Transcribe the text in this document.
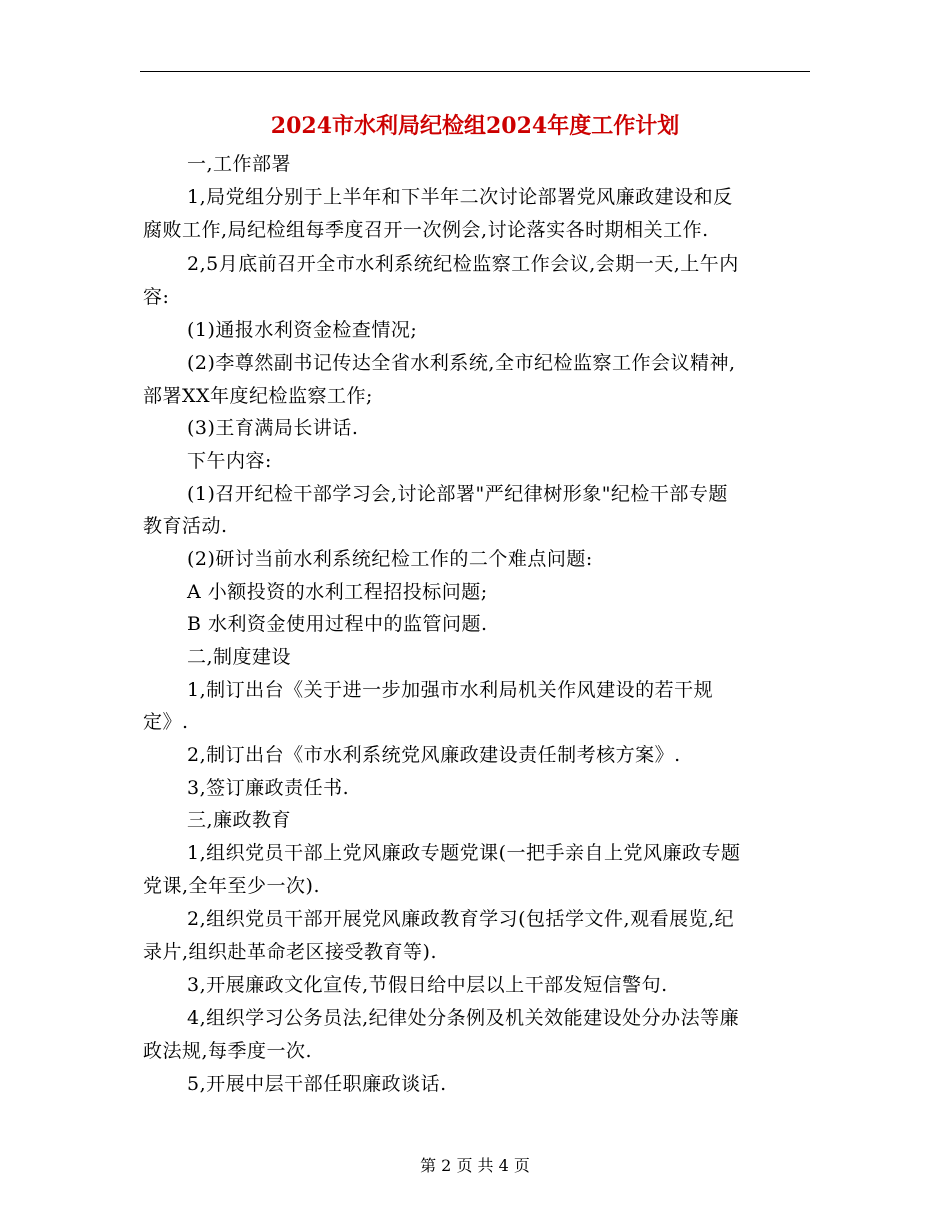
2024市水利局纪检组2024年度工作计划
一,工作部署
1,局党组分别于上半年和下半年二次讨论部署党风廉政建设和反
腐败工作,局纪检组每季度召开一次例会,讨论落实各时期相关工作.
2,5月底前召开全市水利系统纪检监察工作会议,会期一天,上午内
容:
(1)通报水利资金检查情况;
(2)李尊然副书记传达全省水利系统,全市纪检监察工作会议精神,
部署XX年度纪检监察工作;
(3)王育满局长讲话.
下午内容:
(1)召开纪检干部学习会,讨论部署"严纪律树形象"纪检干部专题
教育活动.
(2)研讨当前水利系统纪检工作的二个难点问题:
A 小额投资的水利工程招投标问题;
B 水利资金使用过程中的监管问题.
二,制度建设
1,制订出台《关于进一步加强市水利局机关作风建设的若干规
定》.
2,制订出台《市水利系统党风廉政建设责任制考核方案》.
3,签订廉政责任书.
三,廉政教育
1,组织党员干部上党风廉政专题党课(一把手亲自上党风廉政专题
党课,全年至少一次).
2,组织党员干部开展党风廉政教育学习(包括学文件,观看展览,纪
录片,组织赴革命老区接受教育等).
3,开展廉政文化宣传,节假日给中层以上干部发短信警句.
4,组织学习公务员法,纪律处分条例及机关效能建设处分办法等廉
政法规,每季度一次.
5,开展中层干部任职廉政谈话.
第 2 页 共 4 页
